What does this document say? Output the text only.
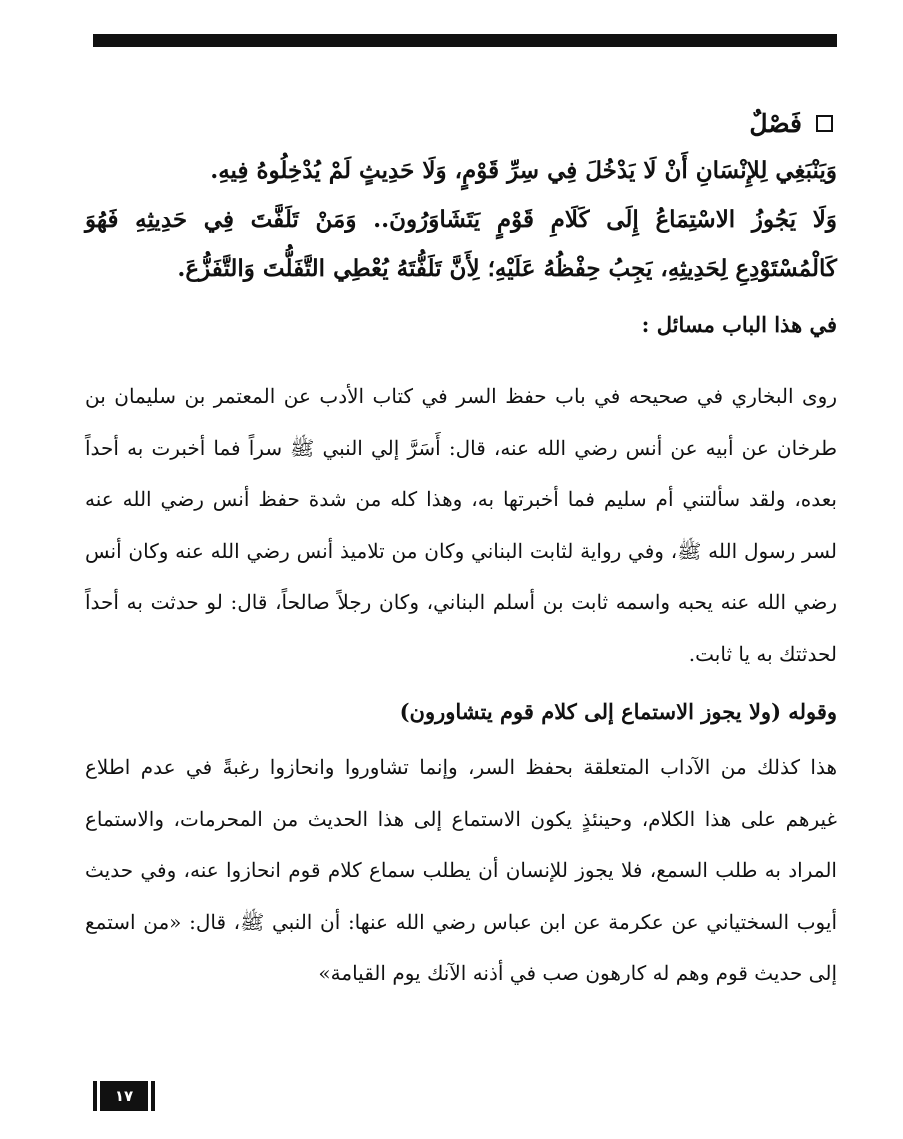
فَصْلٌ

وَيَنْبَغِي لِلإِنْسَانِ أَنْ لَا يَدْخُلَ فِي سِرِّ قَوْمٍ، وَلَا حَدِيثٍ لَمْ يُدْخِلُوهُ فِيهِ.

وَلَا يَجُوزُ الاسْتِمَاعُ إِلَى كَلَامِ قَوْمٍ يَتَشَاوَرُونَ.. وَمَنْ تَلَفَّتَ فِي حَدِيثِهِ فَهُوَ كَالْمُسْتَوْدِعِ لِحَدِيثِهِ، يَجِبُ حِفْظُهُ عَلَيْهِ؛ لِأَنَّ تَلَفُّتَهُ يُعْطِي التَّفَلُّتَ وَالتَّفَزُّعَ.

في هذا الباب مسائل :

روى البخاري في صحيحه في باب حفظ السر في كتاب الأدب عن المعتمر بن سليمان بن طرخان عن أبيه عن أنس رضي الله عنه، قال: أَسَرَّ إلي النبي ﷺ سراً فما أخبرت به أحداً بعده، ولقد سألتني أم سليم فما أخبرتها به، وهذا كله من شدة حفظ أنس رضي الله عنه لسر رسول الله ﷺ، وفي رواية لثابت البناني وكان من تلاميذ أنس رضي الله عنه وكان أنس رضي الله عنه يحبه واسمه ثابت بن أسلم البناني، وكان رجلاً صالحاً، قال: لو حدثت به أحداً لحدثتك به يا ثابت.

وقوله (ولا يجوز الاستماع إلى كلام قوم يتشاورون)

هذا كذلك من الآداب المتعلقة بحفظ السر، وإنما تشاوروا وانحازوا رغبةً في عدم اطلاع غيرهم على هذا الكلام، وحينئذٍ يكون الاستماع إلى هذا الحديث من المحرمات، والاستماع المراد به طلب السمع، فلا يجوز للإنسان أن يطلب سماع كلام قوم انحازوا عنه، وفي حديث أيوب السختياني عن عكرمة عن ابن عباس رضي الله عنها: أن النبي ﷺ، قال: «من استمع إلى حديث قوم وهم له كارهون صب في أذنه الآنك يوم القيامة»

١٧
